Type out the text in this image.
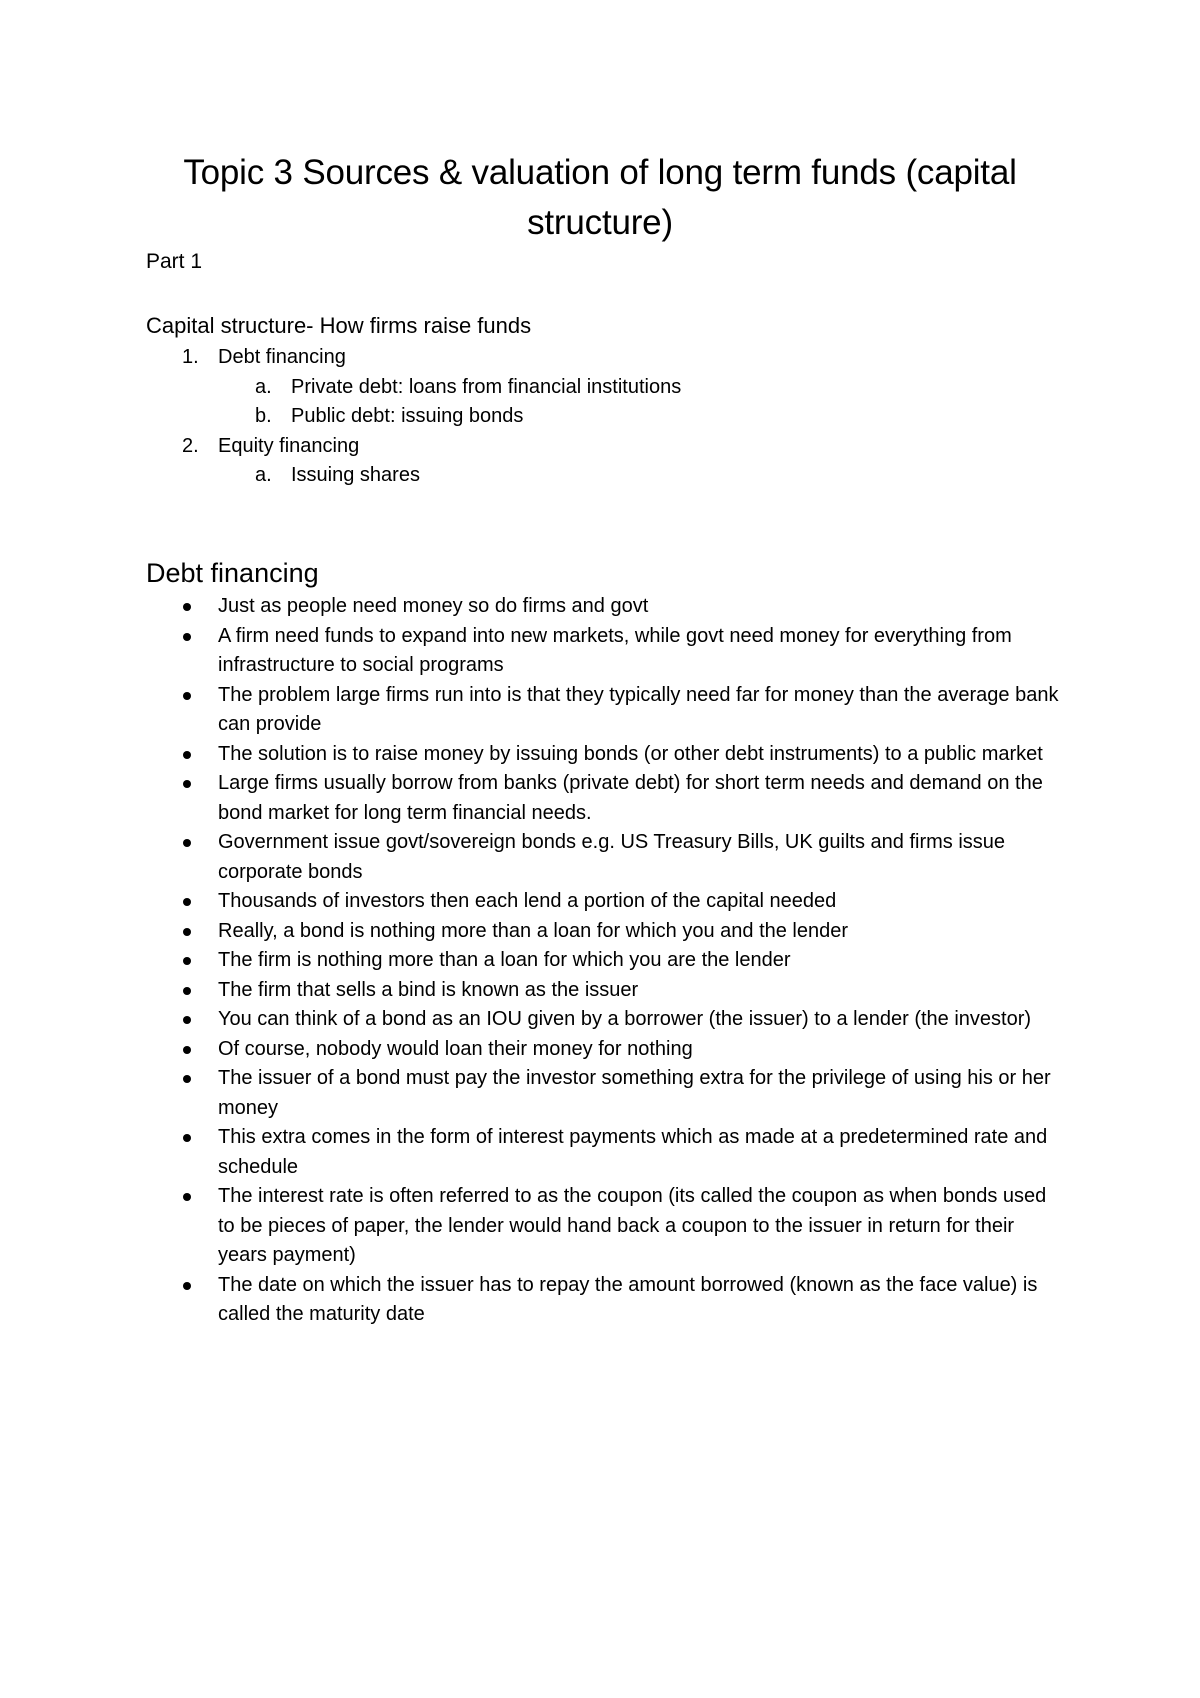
Topic 3 Sources & valuation of long term funds (capital structure)
Part 1
Capital structure- How firms raise funds
1. Debt financing
a. Private debt: loans from financial institutions
b. Public debt: issuing bonds
2. Equity financing
a. Issuing shares
Debt financing
Just as people need money so do firms and govt
A firm need funds to expand into new markets, while govt need money for everything from infrastructure to social programs
The problem large firms run into is that they typically need far for money than the average bank can provide
The solution is to raise money by issuing bonds (or other debt instruments) to a public market
Large firms usually borrow from banks (private debt) for short term needs and demand on the bond market for long term financial needs.
Government issue govt/sovereign bonds e.g. US Treasury Bills, UK guilts and firms issue corporate bonds
Thousands of investors then each lend a portion of the capital needed
Really, a bond is nothing more than a loan for which you and the lender
The firm is nothing more than a loan for which you are the lender
The firm that sells a bind is known as the issuer
You can think of a bond as an IOU given by a borrower (the issuer) to a lender (the investor)
Of course, nobody would loan their money for nothing
The issuer of a bond must pay the investor something extra for the privilege of using his or her money
This extra comes in the form of interest payments which as made at a predetermined rate and schedule
The interest rate is often referred to as the coupon (its called the coupon as when bonds used to be pieces of paper, the lender would hand back a coupon to the issuer in return for their years payment)
The date on which the issuer has to repay the amount borrowed (known as the face value) is called the maturity date
